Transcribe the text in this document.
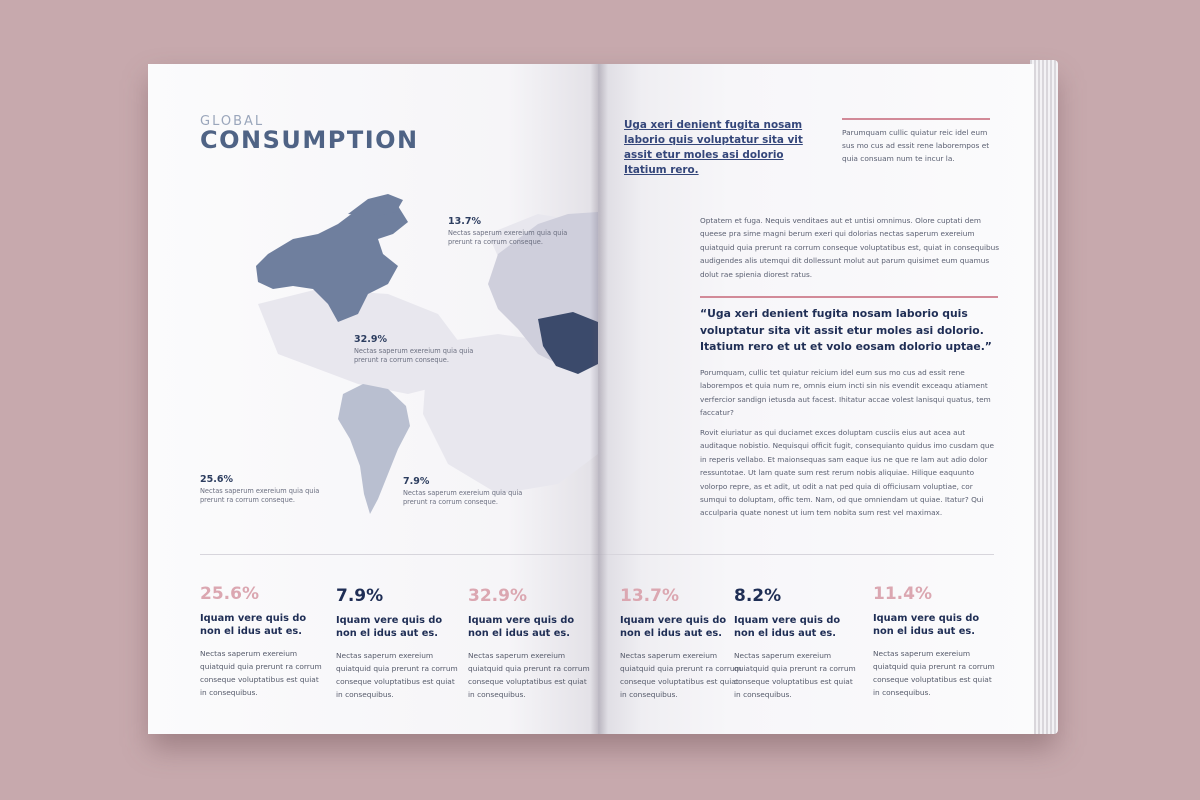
GLOBAL
CONSUMPTION
13.7%
Nectas saperum exereium quia quia prerunt ra corrum conseque.
32.9%
Nectas saperum exereium quia quia prerunt ra corrum conseque.
25.6%
Nectas saperum exereium quia quia prerunt ra corrum conseque.
7.9%
Nectas saperum exereium quia quia prerunt ra corrum conseque.
25.6%
Iquam vere quis do non el idus aut es.
Nectas saperum exereium quiatquid quia prerunt ra corrum conseque voluptatibus est quiat in consequibus.
7.9%
Iquam vere quis do non el idus aut es.
Nectas saperum exereium quiatquid quia prerunt ra corrum conseque voluptatibus est quiat in consequibus.
32.9%
Iquam vere quis do non el idus aut es.
Nectas saperum exereium quiatquid quia prerunt ra corrum conseque voluptatibus est quiat in consequibus.
Uga xeri denient fugita nosam laborio quis voluptatur sita vit assit etur moles asi dolorio Itatium rero.
Parumquam cullic quiatur reic idel eum sus mo cus ad essit rene laborempos et quia consuam num te incur la.
Optatem et fuga. Nequis venditaes aut et untisi omnimus. Olore cuptati dem queese pra sime magni berum exeri qui dolorias nectas saperum exereium quiatquid quia prerunt ra corrum conseque voluptatibus est, quiat in consequibus audigendes alis utemqui dit dollessunt molut aut parum quisimet eum quamus dolut rae spienia diorest ratus.
“Uga xeri denient fugita nosam laborio quis voluptatur sita vit assit etur moles asi dolorio. Itatium rero et ut et volo eosam dolorio uptae.”
Porumquam, cullic tet quiatur reicium idel eum sus mo cus ad essit rene laborempos et quia num re, omnis eium incti sin nis evendit exceaqu atiament verfercior sandign ietusda aut facest. Ihitatur accae volest lanisqui quatus, tem faccatur?
Rovit eiuriatur as qui duciamet exces doluptam cusciis eius aut acea aut auditaque nobistio. Nequisqui officit fugit, consequianto quidus imo cusdam que in reperis vellabo. Et maionsequas sam eaque ius ne que re lam aut adio dolor ressuntotae. Ut lam quate sum rest rerum nobis aliquiae. Hilique eaquunto volorpo repre, as et adit, ut odit a nat ped quia di officiusam voluptiae, cor sumqui to doluptam, offic tem. Nam, od que omniendam ut quiae. Itatur? Qui acculparia quate nonest ut ium tem nobita sum rest vel maximax.
13.7%
Iquam vere quis do non el idus aut es.
Nectas saperum exereium quiatquid quia prerunt ra corrum conseque voluptatibus est quiat in consequibus.
8.2%
Iquam vere quis do non el idus aut es.
Nectas saperum exereium quiatquid quia prerunt ra corrum conseque voluptatibus est quiat in consequibus.
11.4%
Iquam vere quis do non el idus aut es.
Nectas saperum exereium quiatquid quia prerunt ra corrum conseque voluptatibus est quiat in consequibus.
